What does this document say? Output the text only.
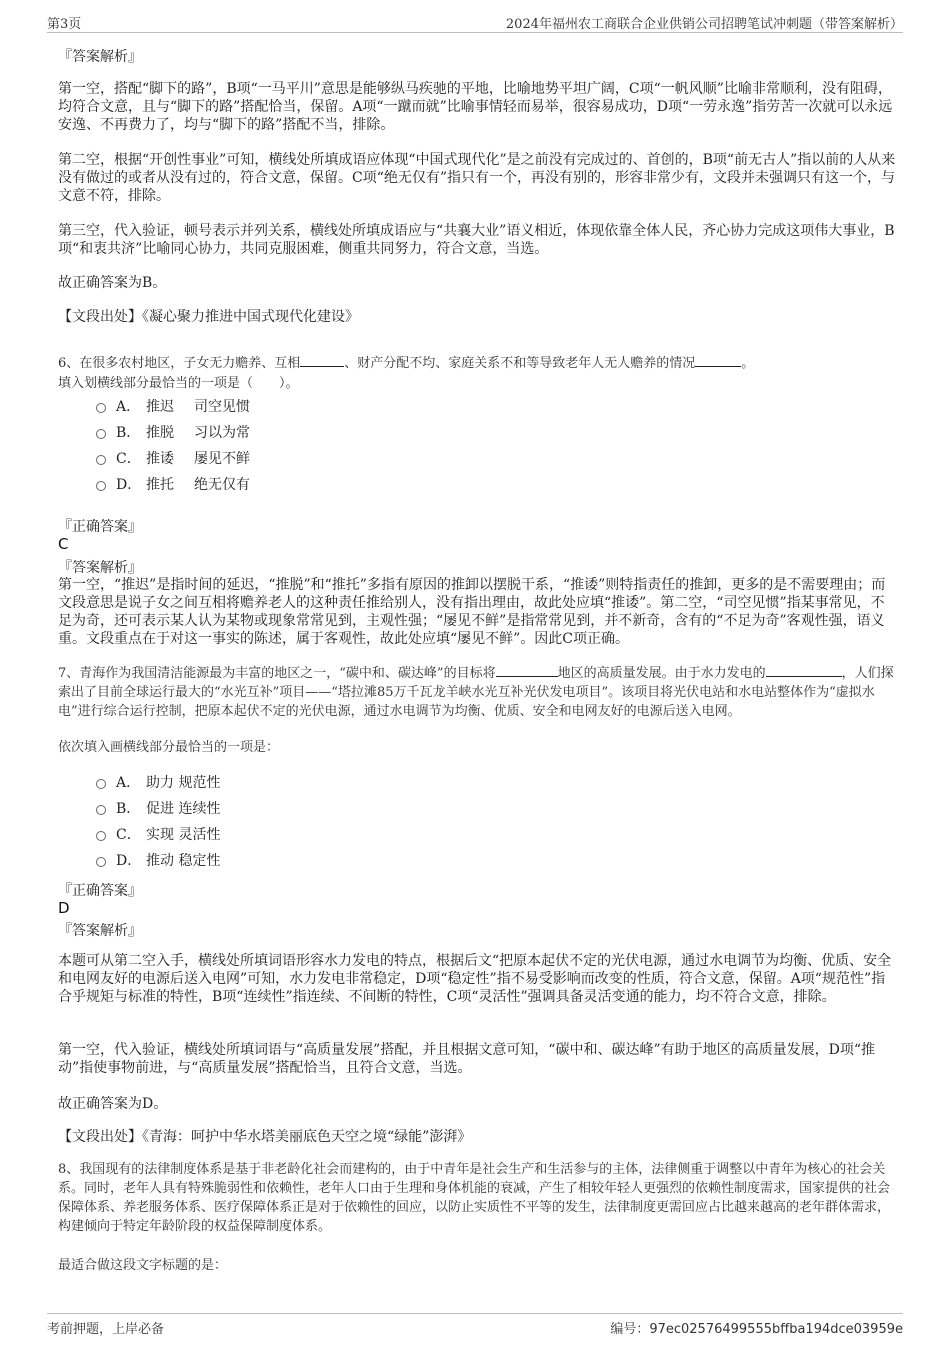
第3页	2024年福州农工商联合企业供销公司招聘笔试冲刺题（带答案解析）
『答案解析』
第一空，搭配“脚下的路”，B项“一马平川”意思是能够纵马疾驰的平地，比喻地势平坦广阔，C项“一帆风顺”比喻非常顺利，没有阻碍，均符合文意，且与“脚下的路”搭配恰当，保留。A项“一蹴而就”比喻事情轻而易举，很容易成功，D项“一劳永逸”指劳苦一次就可以永远安逸、不再费力了，均与“脚下的路”搭配不当，排除。
第二空，根据“开创性事业”可知，横线处所填成语应体现“中国式现代化”是之前没有完成过的、首创的，B项“前无古人”指以前的人从来没有做过的或者从没有过的，符合文意，保留。C项“绝无仅有”指只有一个，再没有别的，形容非常少有，文段并未强调只有这一个，与文意不符，排除。
第三空，代入验证，顿号表示并列关系，横线处所填成语应与“共襄大业”语义相近，体现依靠全体人民，齐心协力完成这项伟大事业，B项“和衷共济”比喻同心协力，共同克服困难，侧重共同努力，符合文意，当选。
故正确答案为B。
【文段出处】《凝心聚力推进中国式现代化建设》
6、在很多农村地区，子女无力赡养、互相	、财产分配不均、家庭关系不和等导致老年人无人赡养的情况	。
填入划横线部分最恰当的一项是（　　）。
A． 推迟 司空见惯
B． 推脱 习以为常
C． 推诿 屡见不鲜
D． 推托 绝无仅有
『正确答案』
C
『答案解析』
第一空，“推迟”是指时间的延迟，“推脱”和“推托”多指有原因的推卸以摆脱干系，“推诿”则特指责任的推卸，更多的是不需要理由；而文段意思是说子女之间互相将赡养老人的这种责任推给别人，没有指出理由，故此处应填“推诿”。第二空，“司空见惯”指某事常见，不足为奇，还可表示某人认为某物或现象常常见到，主观性强；“屡见不鲜”是指常常见到，并不新奇，含有的“不足为奇”客观性强，语义重。文段重点在于对这一事实的陈述，属于客观性，故此处应填“屡见不鲜”。因此C项正确。
7、青海作为我国清洁能源最为丰富的地区之一，“碳中和、碳达峰”的目标将	地区的高质量发展。由于水力发电的	，人们探索出了目前全球运行最大的“水光互补”项目——“塔拉滩85万千瓦龙羊峡水光互补光伏发电项目”。该项目将光伏电站和水电站整体作为“虚拟水电”进行综合运行控制，把原本起伏不定的光伏电源，通过水电调节为均衡、优质、安全和电网友好的电源后送入电网。
依次填入画横线部分最恰当的一项是：
A． 助力 规范性
B． 促进 连续性
C． 实现 灵活性
D． 推动 稳定性
『正确答案』
D
『答案解析』
本题可从第二空入手，横线处所填词语形容水力发电的特点，根据后文“把原本起伏不定的光伏电源，通过水电调节为均衡、优质、安全和电网友好的电源后送入电网”可知，水力发电非常稳定，D项“稳定性”指不易受影响而改变的性质，符合文意，保留。A项“规范性”指合乎规矩与标准的特性，B项“连续性”指连续、不间断的特性，C项“灵活性”强调具备灵活变通的能力，均不符合文意，排除。
第一空，代入验证，横线处所填词语与“高质量发展”搭配，并且根据文意可知，“碳中和、碳达峰”有助于地区的高质量发展，D项“推动”指使事物前进，与“高质量发展”搭配恰当，且符合文意，当选。
故正确答案为D。
【文段出处】《青海：呵护中华水塔美丽底色天空之境“绿能”澎湃》
8、我国现有的法律制度体系是基于非老龄化社会而建构的，由于中青年是社会生产和生活参与的主体，法律侧重于调整以中青年为核心的社会关系。同时，老年人具有特殊脆弱性和依赖性，老年人口由于生理和身体机能的衰减，产生了相较年轻人更强烈的依赖性制度需求，国家提供的社会保障体系、养老服务体系、医疗保障体系正是对于依赖性的回应，以防止实质性不平等的发生，法律制度更需回应占比越来越高的老年群体需求，构建倾向于特定年龄阶段的权益保障制度体系。
最适合做这段文字标题的是：
考前押题，上岸必备	编号：97ec02576499555bffba194dce03959e
